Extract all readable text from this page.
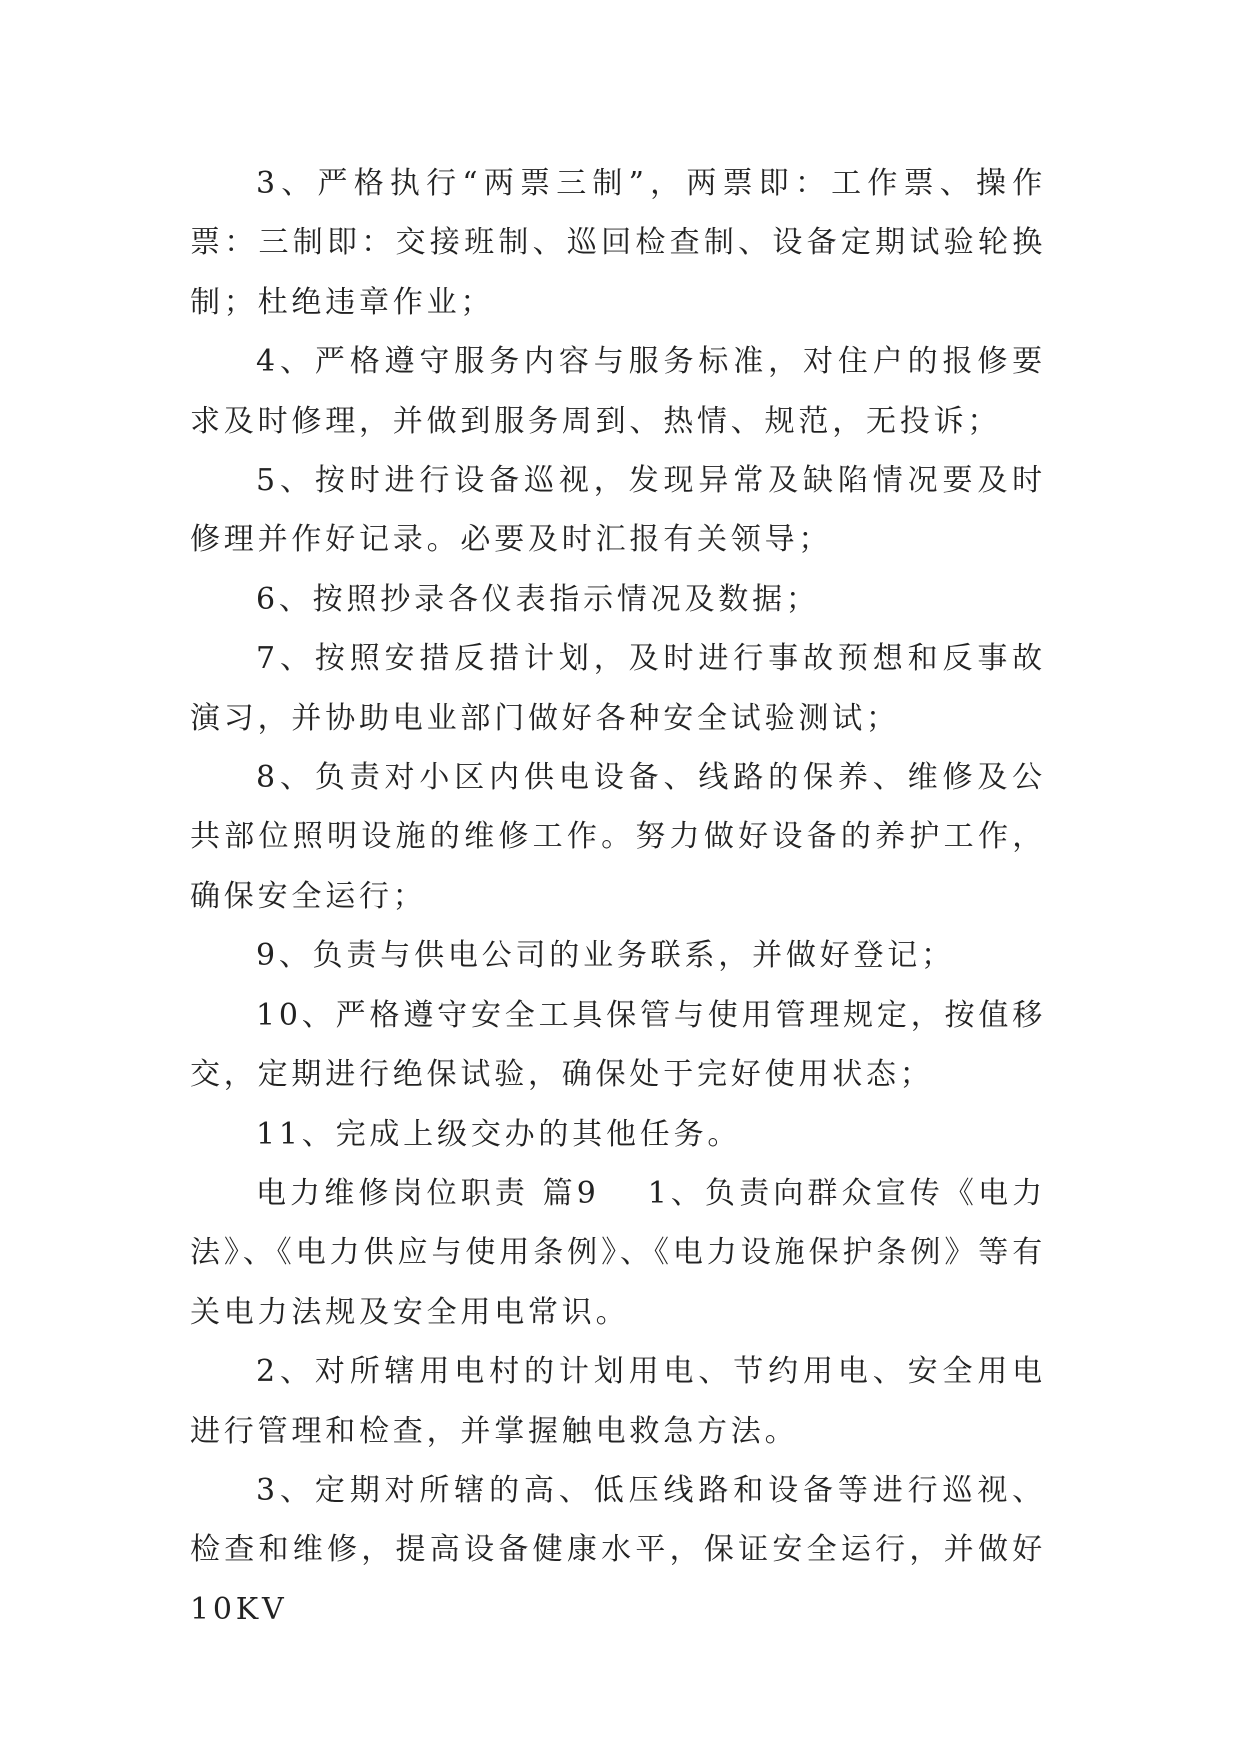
3、严格执行“两票三制”，两票即：工作票、操作票：三制即：交接班制、巡回检查制、设备定期试验轮换制；杜绝违章作业；

4、严格遵守服务内容与服务标准，对住户的报修要求及时修理，并做到服务周到、热情、规范，无投诉；

5、按时进行设备巡视，发现异常及缺陷情况要及时修理并作好记录。必要及时汇报有关领导；

6、按照抄录各仪表指示情况及数据；

7、按照安措反措计划，及时进行事故预想和反事故演习，并协助电业部门做好各种安全试验测试；

8、负责对小区内供电设备、线路的保养、维修及公共部位照明设施的维修工作。努力做好设备的养护工作，确保安全运行；

9、负责与供电公司的业务联系，并做好登记；

10、严格遵守安全工具保管与使用管理规定，按值移交，定期进行绝保试验，确保处于完好使用状态；

11、完成上级交办的其他任务。

电力维修岗位职责 篇9 1、负责向群众宣传《电力法》、《电力供应与使用条例》、《电力设施保护条例》等有关电力法规及安全用电常识。

2、对所辖用电村的计划用电、节约用电、安全用电进行管理和检查，并掌握触电救急方法。

3、定期对所辖的高、低压线路和设备等进行巡视、检查和维修，提高设备健康水平，保证安全运行，并做好10KV
